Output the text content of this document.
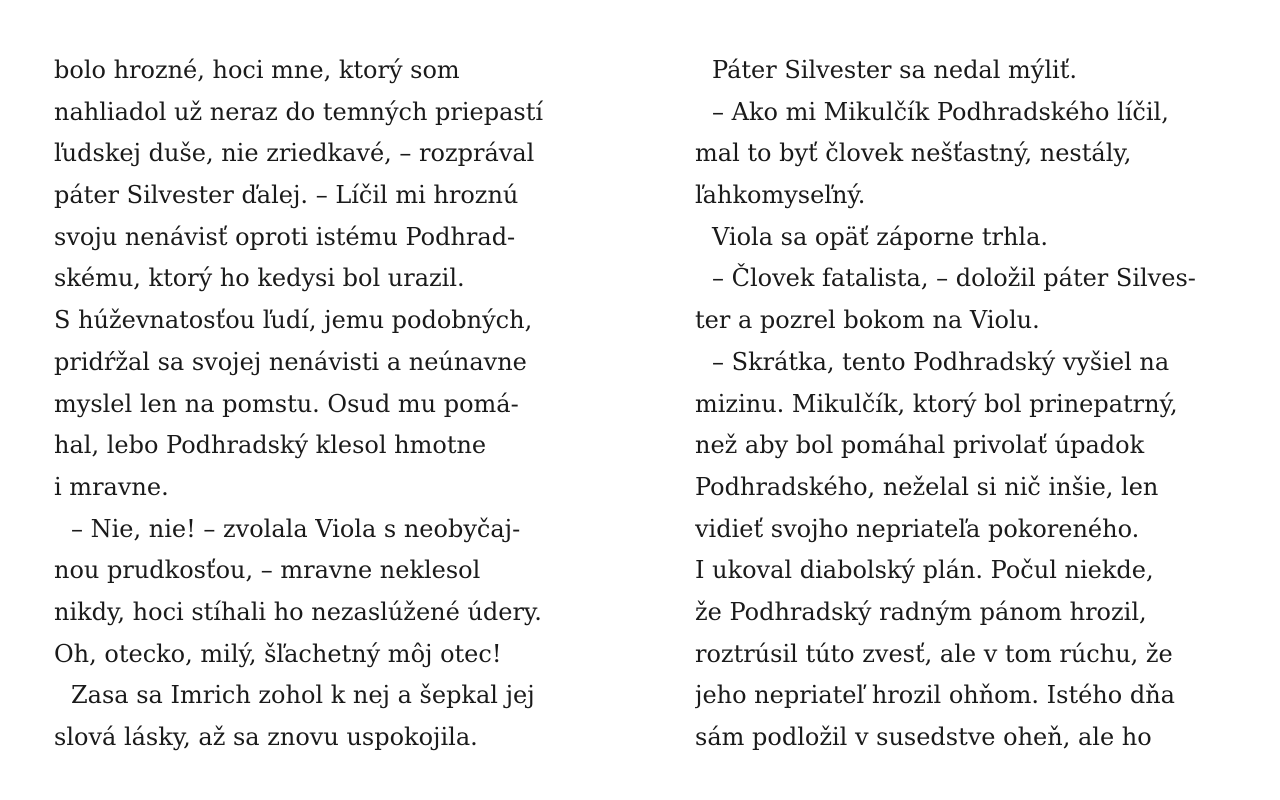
bolo hrozné, hoci mne, ktorý som
nahliadol už neraz do temných priepastí
ľudskej duše, nie zriedkavé, – rozprával
páter Silvester ďalej. – Líčil mi hroznú
svoju nenávisť oproti istému Podhrad-
skému, ktorý ho kedysi bol urazil.
S húževnatosťou ľudí, jemu podobných,
pridŕžal sa svojej nenávisti a neúnavne
myslel len na pomstu. Osud mu pomá-
hal, lebo Podhradský klesol hmotne
i mravne.
– Nie, nie! – zvolala Viola s neobyčaj-
nou prudkosťou, – mravne neklesol
nikdy, hoci stíhali ho nezaslúžené údery.
Oh, otecko, milý, šľachetný môj otec!
Zasa sa Imrich zohol k nej a šepkal jej
slová lásky, až sa znovu uspokojila.
Páter Silvester sa nedal mýliť.
– Ako mi Mikulčík Podhradského líčil,
mal to byť človek nešťastný, nestály,
ľahkomyseľný.
Viola sa opäť záporne trhla.
– Človek fatalista, – doložil páter Silves-
ter a pozrel bokom na Violu.
– Skrátka, tento Podhradský vyšiel na
mizinu. Mikulčík, ktorý bol prinepatrný,
než aby bol pomáhal privolať úpadok
Podhradského, neželal si nič inšie, len
vidieť svojho nepriateľa pokoreného.
I ukoval diabolský plán. Počul niekde,
že Podhradský radným pánom hrozil,
roztrúsil túto zvesť, ale v tom rúchu, že
jeho nepriateľ hrozil ohňom. Istého dňa
sám podložil v susedstve oheň, ale ho
